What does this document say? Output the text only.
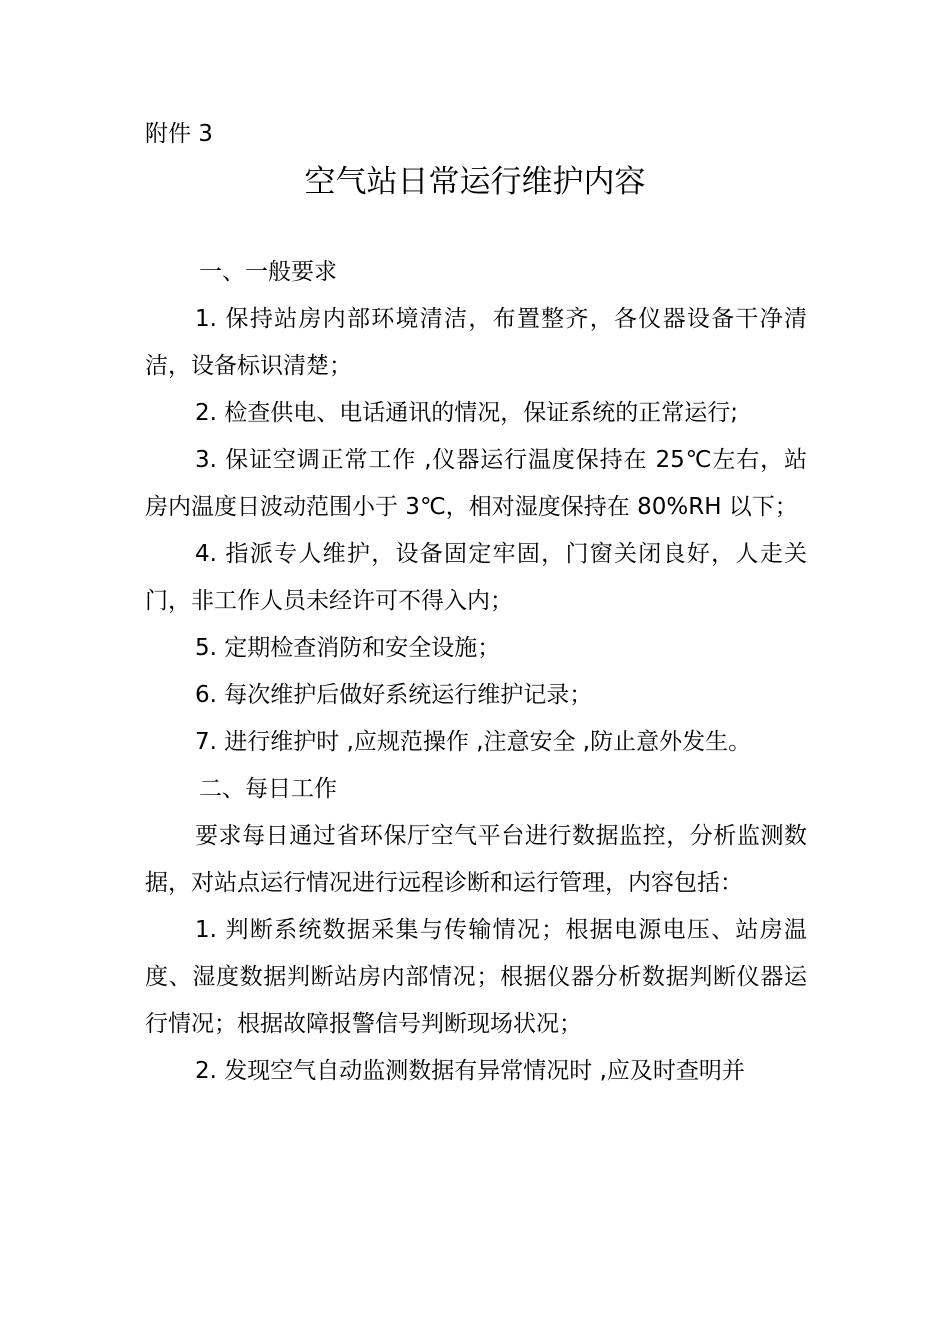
附件 3
空气站日常运行维护内容

一、一般要求

1. 保持站房内部环境清洁，布置整齐，各仪器设备干净清洁，设备标识清楚；

2. 检查供电、电话通讯的情况，保证系统的正常运行;

3. 保证空调正常工作 ,仪器运行温度保持在 25℃左右，站房内温度日波动范围小于 3℃，相对湿度保持在 80%RH 以下；

4. 指派专人维护，设备固定牢固，门窗关闭良好，人走关门，非工作人员未经许可不得入内；

5. 定期检查消防和安全设施；

6. 每次维护后做好系统运行维护记录；

7. 进行维护时 ,应规范操作 ,注意安全 ,防止意外发生。

二、每日工作

要求每日通过省环保厅空气平台进行数据监控，分析监测数据，对站点运行情况进行远程诊断和运行管理，内容包括：

1. 判断系统数据采集与传输情况；根据电源电压、站房温度、湿度数据判断站房内部情况；根据仪器分析数据判断仪器运行情况；根据故障报警信号判断现场状况；

2. 发现空气自动监测数据有异常情况时 ,应及时查明并
